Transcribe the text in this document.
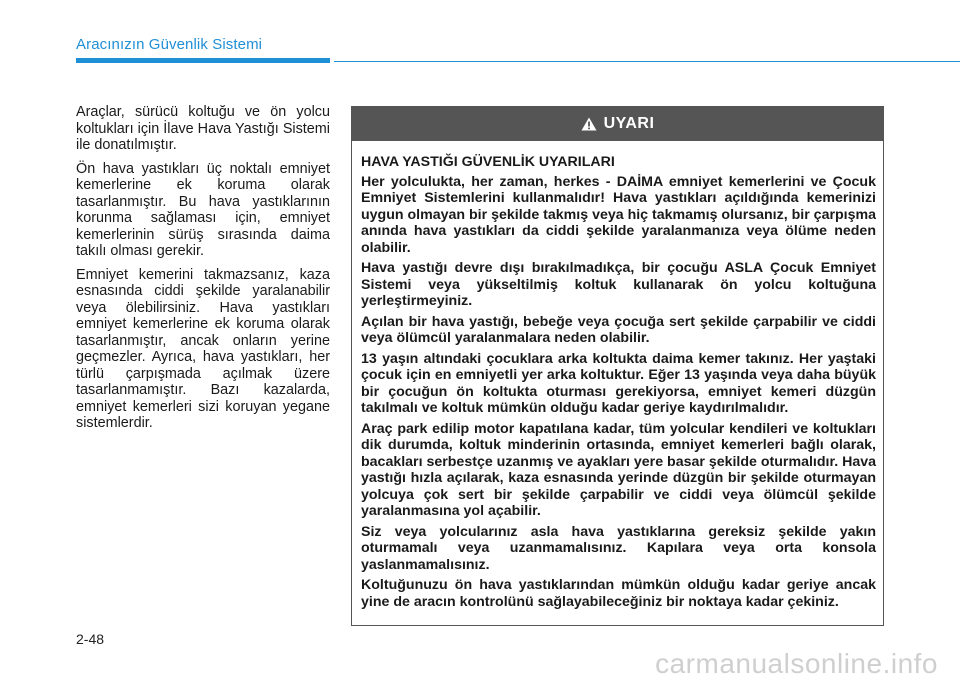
Aracınızın Güvenlik Sistemi

Araçlar, sürücü koltuğu ve ön yolcu koltukları için İlave Hava Yastığı Sistemi ile donatılmıştır.

Ön hava yastıkları üç noktalı emniyet kemerlerine ek koruma olarak tasarlanmıştır. Bu hava yastıklarının korunma sağlaması için, emniyet kemerlerinin sürüş sırasında daima takılı olması gerekir.

Emniyet kemerini takmazsanız, kaza esnasında ciddi şekilde yaralanabilir veya ölebilirsiniz. Hava yastıkları emniyet kemerlerine ek koruma olarak tasarlanmıştır, ancak onların yerine geçmezler. Ayrıca, hava yastıkları, her türlü çarpışmada açılmak üzere tasarlanmamıştır. Bazı kazalarda, emniyet kemerleri sizi koruyan yegane sistemlerdir.

UYARI

HAVA YASTIĞI GÜVENLİK UYARILARI

Her yolculukta, her zaman, herkes - DAİMA emniyet kemerlerini ve Çocuk Emniyet Sistemlerini kullanmalıdır! Hava yastıkları açıldığında kemerinizi uygun olmayan bir şekilde takmış veya hiç takmamış olursanız, bir çarpışma anında hava yastıkları da ciddi şekilde yaralanmanıza veya ölüme neden olabilir.

Hava yastığı devre dışı bırakılmadıkça, bir çocuğu ASLA Çocuk Emniyet Sistemi veya yükseltilmiş koltuk kullanarak ön yolcu koltuğuna yerleştirmeyiniz.

Açılan bir hava yastığı, bebeğe veya çocuğa sert şekilde çarpabilir ve ciddi veya ölümcül yaralanmalara neden olabilir.

13 yaşın altındaki çocuklara arka koltukta daima kemer takınız. Her yaştaki çocuk için en emniyetli yer arka koltuktur. Eğer 13 yaşında veya daha büyük bir çocuğun ön koltukta oturması gerekiyorsa, emniyet kemeri düzgün takılmalı ve koltuk mümkün olduğu kadar geriye kaydırılmalıdır.

Araç park edilip motor kapatılana kadar, tüm yolcular kendileri ve koltukları dik durumda, koltuk minderinin ortasında, emniyet kemerleri bağlı olarak, bacakları serbestçe uzanmış ve ayakları yere basar şekilde oturmalıdır. Hava yastığı hızla açılarak, kaza esnasında yerinde düzgün bir şekilde oturmayan yolcuya çok sert bir şekilde çarpabilir ve ciddi veya ölümcül şekilde yaralanmasına yol açabilir.

Siz veya yolcularınız asla hava yastıklarına gereksiz şekilde yakın oturmamalı veya uzanmamalısınız. Kapılara veya orta konsola yaslanmamalısınız.

Koltuğunuzu ön hava yastıklarından mümkün olduğu kadar geriye ancak yine de aracın kontrolünü sağlayabileceğiniz bir noktaya kadar çekiniz.

2-48
carmanualsonline.info
